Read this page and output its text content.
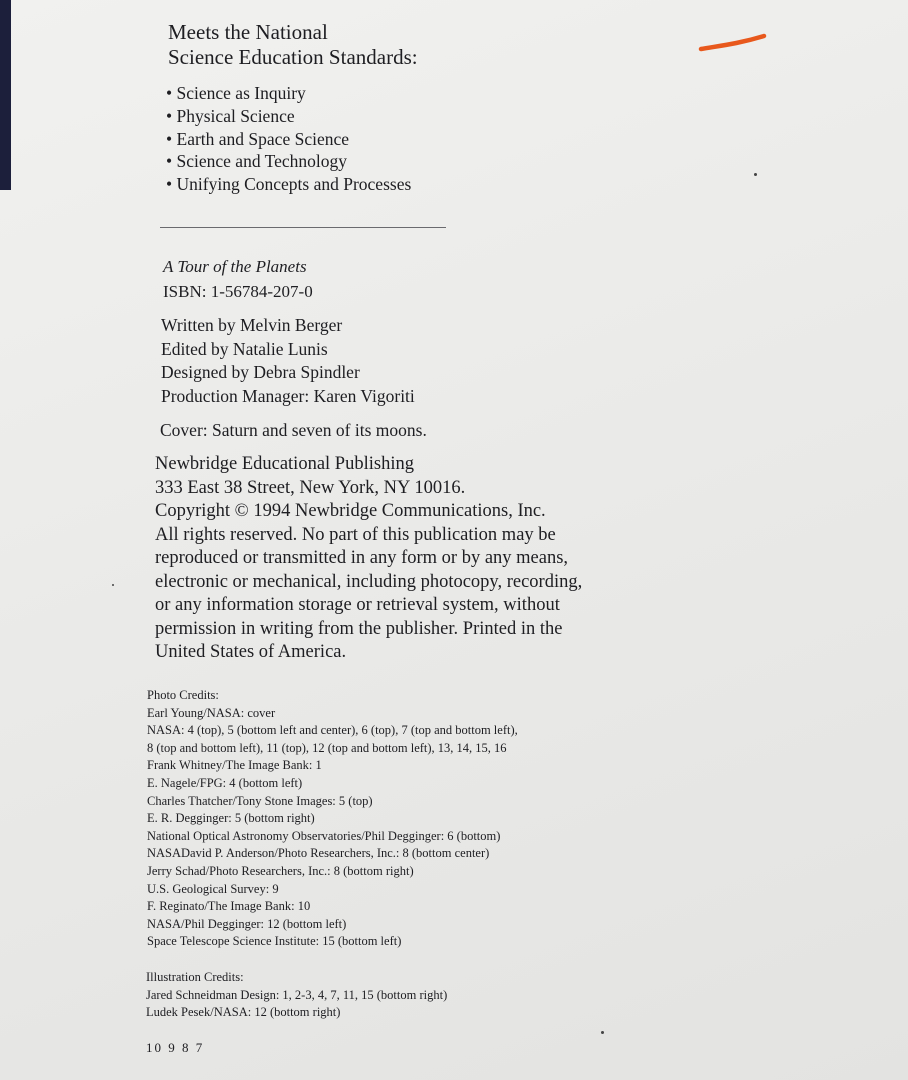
Meets the National
Science Education Standards:
• Science as Inquiry
• Physical Science
• Earth and Space Science
• Science and Technology
• Unifying Concepts and Processes
A Tour of the Planets
ISBN: 1-56784-207-0
Written by Melvin Berger
Edited by Natalie Lunis
Designed by Debra Spindler
Production Manager: Karen Vigoriti
Cover: Saturn and seven of its moons.
Newbridge Educational Publishing
333 East 38 Street, New York, NY 10016.
Copyright © 1994 Newbridge Communications, Inc.
All rights reserved. No part of this publication may be
reproduced or transmitted in any form or by any means,
electronic or mechanical, including photocopy, recording,
or any information storage or retrieval system, without
permission in writing from the publisher. Printed in the
United States of America.
Photo Credits:
Earl Young/NASA: cover
NASA: 4 (top), 5 (bottom left and center), 6 (top), 7 (top and bottom left),
8 (top and bottom left), 11 (top), 12 (top and bottom left), 13, 14, 15, 16
Frank Whitney/The Image Bank: 1
E. Nagele/FPG: 4 (bottom left)
Charles Thatcher/Tony Stone Images: 5 (top)
E. R. Degginger: 5 (bottom right)
National Optical Astronomy Observatories/Phil Degginger: 6 (bottom)
NASADavid P. Anderson/Photo Researchers, Inc.: 8 (bottom center)
Jerry Schad/Photo Researchers, Inc.: 8 (bottom right)
U.S. Geological Survey: 9
F. Reginato/The Image Bank: 10
NASA/Phil Degginger: 12 (bottom left)
Space Telescope Science Institute: 15 (bottom left)
Illustration Credits:
Jared Schneidman Design: 1, 2-3, 4, 7, 11, 15 (bottom right)
Ludek Pesek/NASA: 12 (bottom right)
10 9 8 7
